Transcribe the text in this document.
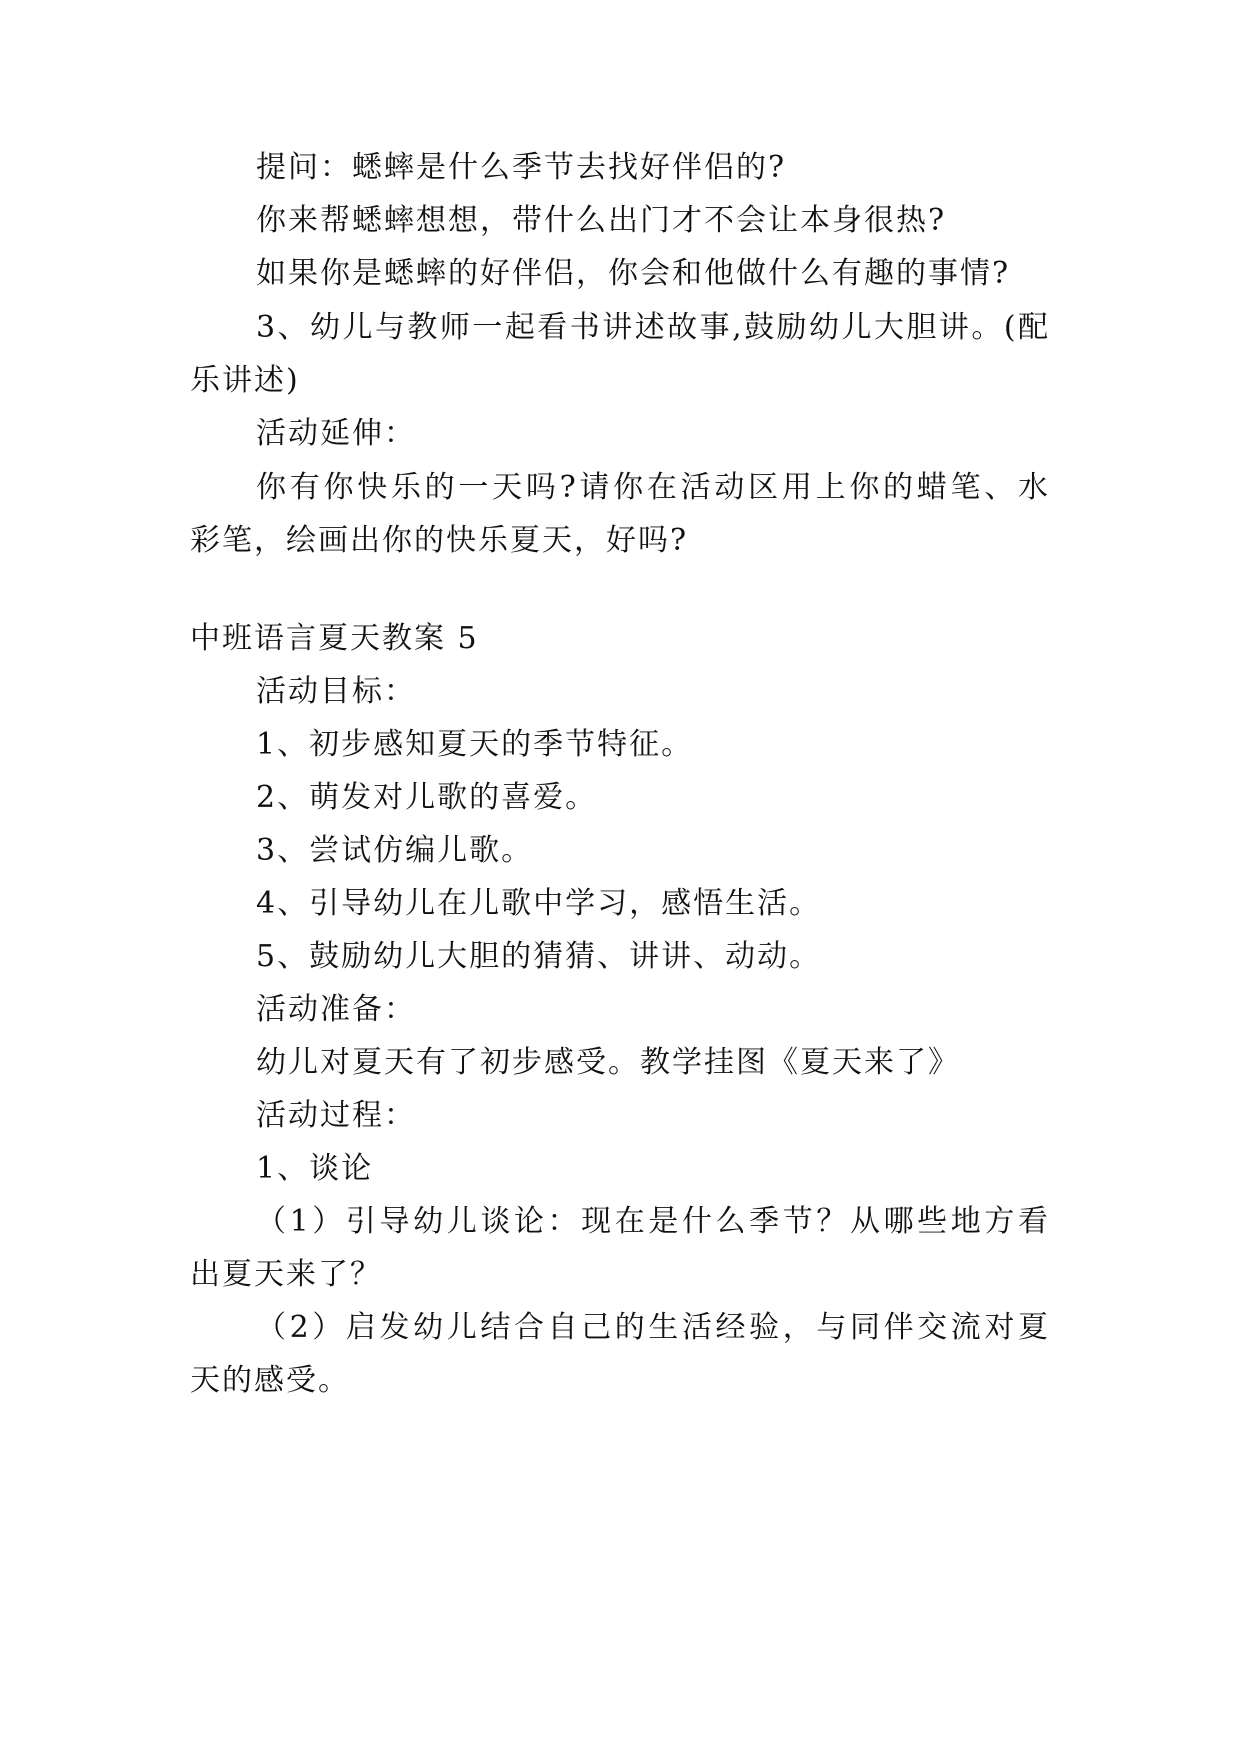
提问：蟋蟀是什么季节去找好伴侣的?
你来帮蟋蟀想想，带什么出门才不会让本身很热?
如果你是蟋蟀的好伴侣，你会和他做什么有趣的事情?
3、幼儿与教师一起看书讲述故事,鼓励幼儿大胆讲。(配
乐讲述)
活动延伸：
你有你快乐的一天吗?请你在活动区用上你的蜡笔、水
彩笔，绘画出你的快乐夏天，好吗?
中班语言夏天教案 5
活动目标：
1、初步感知夏天的季节特征。
2、萌发对儿歌的喜爱。
3、尝试仿编儿歌。
4、引导幼儿在儿歌中学习，感悟生活。
5、鼓励幼儿大胆的猜猜、讲讲、动动。
活动准备：
幼儿对夏天有了初步感受。教学挂图《夏天来了》
活动过程：
1、谈论
（1）引导幼儿谈论：现在是什么季节？从哪些地方看
出夏天来了？
（2）启发幼儿结合自己的生活经验，与同伴交流对夏
天的感受。
